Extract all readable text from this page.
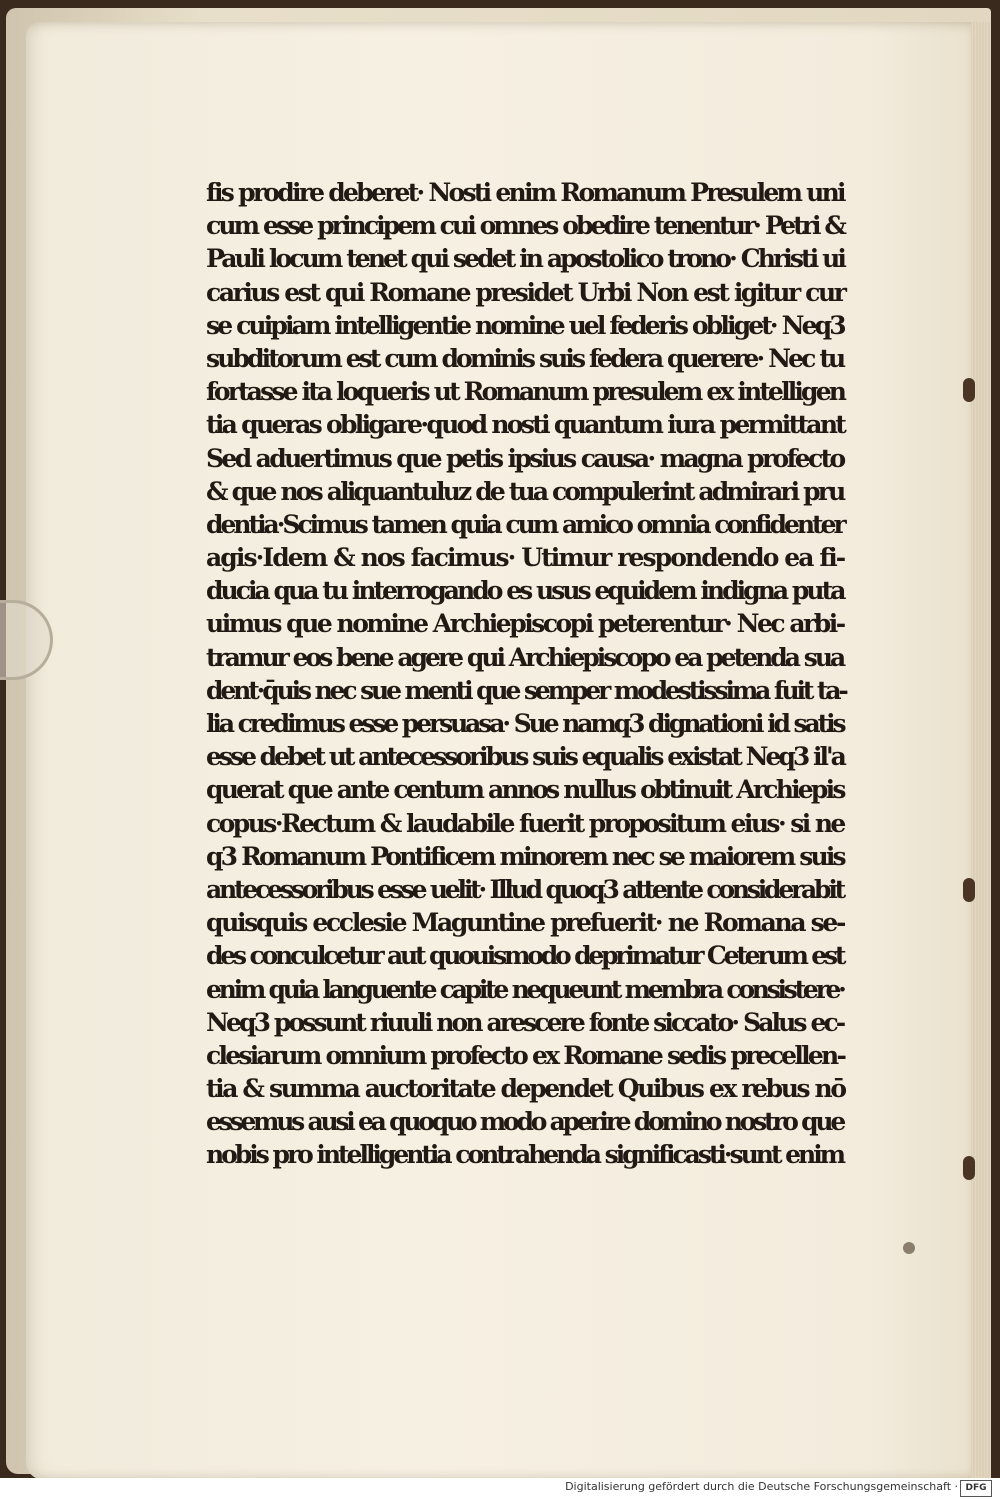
fis prodire deberet· Nosti enim Romanum Presulem uni
cum esse principem cui omnes obedire tenentur· Petri &
Pauli locum tenet qui sedet in apostolico trono· Christi ui
carius est qui Romane presidet Urbi Non est igitur cur
se cuipiam intelligentie nomine uel federis obliget· Neq3
subditorum est cum dominis suis federa querere· Nec tu
fortasse ita loqueris ut Romanum presulem ex intelligen
tia queras obligare·quod nosti quantum iura permittant
Sed aduertimus que petis ipsius causa· magna profecto
& que nos aliquantuluz de tua compulerint admirari pru
dentia·Scimus tamen quia cum amico omnia confidenter
agis·Idem & nos facimus· Utimur respondendo ea fi-
ducia qua tu interrogando es usus equidem indigna puta
uimus que nomine Archiepiscopi peterentur· Nec arbi-
tramur eos bene agere qui Archiepiscopo ea petenda sua
dent·q̄uis nec sue menti que semper modestissima fuit ta-
lia credimus esse persuasa· Sue namq3 dignationi id satis
esse debet ut antecessoribus suis equalis existat Neq3 il'a
querat que ante centum annos nullus obtinuit Archiepis
copus·Rectum & laudabile fuerit propositum eius· si ne
q3 Romanum Pontificem minorem nec se maiorem suis
antecessoribus esse uelit· Illud quoq3 attente considerabit
quisquis ecclesie Maguntine prefuerit· ne Romana se-
des conculcetur aut quouismodo deprimatur Ceterum est
enim quia languente capite nequeunt membra consistere·
Neq3 possunt riuuli non arescere fonte siccato· Salus ec-
clesiarum omnium profecto ex Romane sedis precellen-
tia & summa auctoritate dependet Quibus ex rebus nō
essemus ausi ea quoquo modo aperire domino nostro que
nobis pro intelligentia contrahenda significasti·sunt enim
Digitalisierung gefördert durch die Deutsche Forschungsgemeinschaft · DFG
